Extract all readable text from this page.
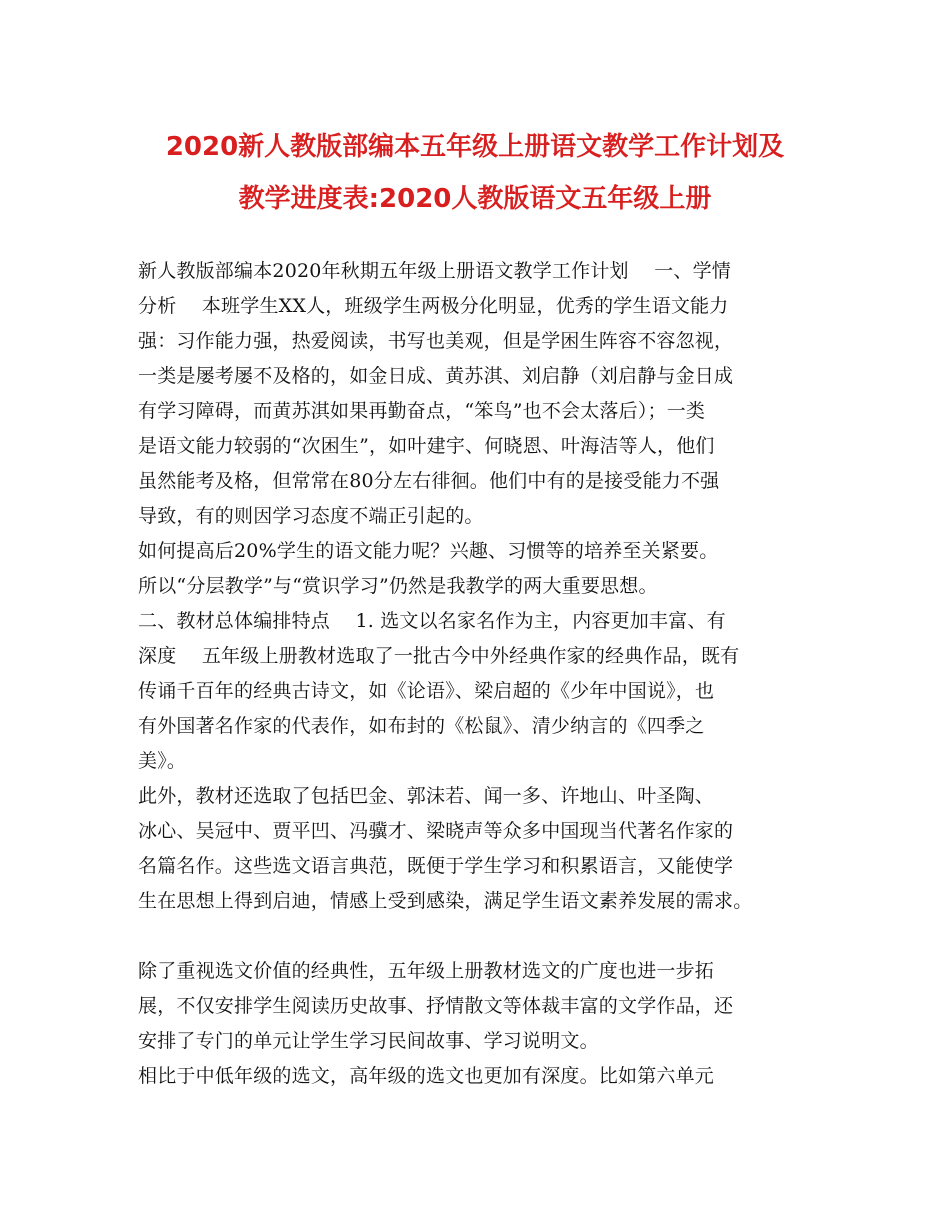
2020新人教版部编本五年级上册语文教学工作计划及
教学进度表:2020人教版语文五年级上册
新人教版部编本2020年秋期五年级上册语文教学工作计划　 一、学情
分析　 本班学生XX人，班级学生两极分化明显，优秀的学生语文能力
强：习作能力强，热爱阅读，书写也美观，但是学困生阵容不容忽视，
一类是屡考屡不及格的，如金日成、黄苏淇、刘启静（刘启静与金日成
有学习障碍，而黄苏淇如果再勤奋点，“笨鸟”也不会太落后）；一类
是语文能力较弱的“次困生”，如叶建宇、何晓恩、叶海洁等人，他们
虽然能考及格，但常常在80分左右徘徊。他们中有的是接受能力不强
导致，有的则因学习态度不端正引起的。
如何提高后20%学生的语文能力呢？兴趣、习惯等的培养至关紧要。
所以“分层教学”与“赏识学习”仍然是我教学的两大重要思想。
二、教材总体编排特点　 1. 选文以名家名作为主，内容更加丰富、有
深度　 五年级上册教材选取了一批古今中外经典作家的经典作品，既有
传诵千百年的经典古诗文，如《论语》、梁启超的《少年中国说》，也
有外国著名作家的代表作，如布封的《松鼠》、清少纳言的《四季之
美》。
此外，教材还选取了包括巴金、郭沫若、闻一多、许地山、叶圣陶、
冰心、吴冠中、贾平凹、冯骥才、梁晓声等众多中国现当代著名作家的
名篇名作。这些选文语言典范，既便于学生学习和积累语言，又能使学
生在思想上得到启迪，情感上受到感染，满足学生语文素养发展的需求。
除了重视选文价值的经典性，五年级上册教材选文的广度也进一步拓
展，不仅安排学生阅读历史故事、抒情散文等体裁丰富的文学作品，还
安排了专门的单元让学生学习民间故事、学习说明文。
相比于中低年级的选文，高年级的选文也更加有深度。比如第六单元
